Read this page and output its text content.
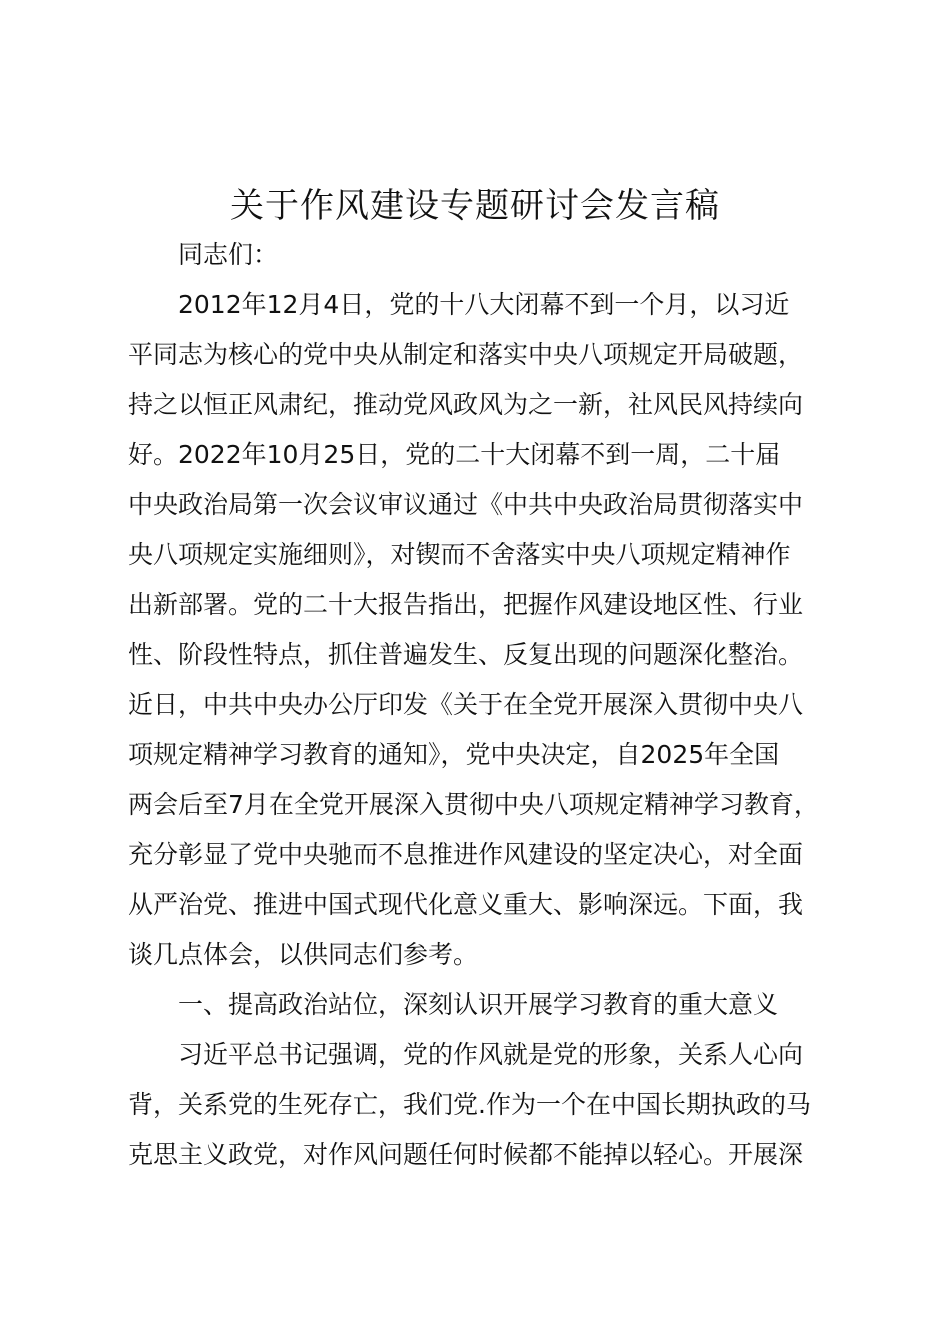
关于作风建设专题研讨会发言稿

同志们：

2012年12月4日，党的十八大闭幕不到一个月，以习近

平同志为核心的党中央从制定和落实中央八项规定开局破题，

持之以恒正风肃纪，推动党风政风为之一新，社风民风持续向

好。2022年10月25日，党的二十大闭幕不到一周，二十届

中央政治局第一次会议审议通过《中共中央政治局贯彻落实中

央八项规定实施细则》，对锲而不舍落实中央八项规定精神作

出新部署。党的二十大报告指出，把握作风建设地区性、行业

性、阶段性特点，抓住普遍发生、反复出现的问题深化整治。

近日，中共中央办公厅印发《关于在全党开展深入贯彻中央八

项规定精神学习教育的通知》，党中央决定，自2025年全国

两会后至7月在全党开展深入贯彻中央八项规定精神学习教育，

充分彰显了党中央驰而不息推进作风建设的坚定决心，对全面

从严治党、推进中国式现代化意义重大、影响深远。下面，我

谈几点体会，以供同志们参考。

一、提高政治站位，深刻认识开展学习教育的重大意义

习近平总书记强调，党的作风就是党的形象，关系人心向

背，关系党的生死存亡，我们党.作为一个在中国长期执政的马

克思主义政党，对作风问题任何时候都不能掉以轻心。开展深
